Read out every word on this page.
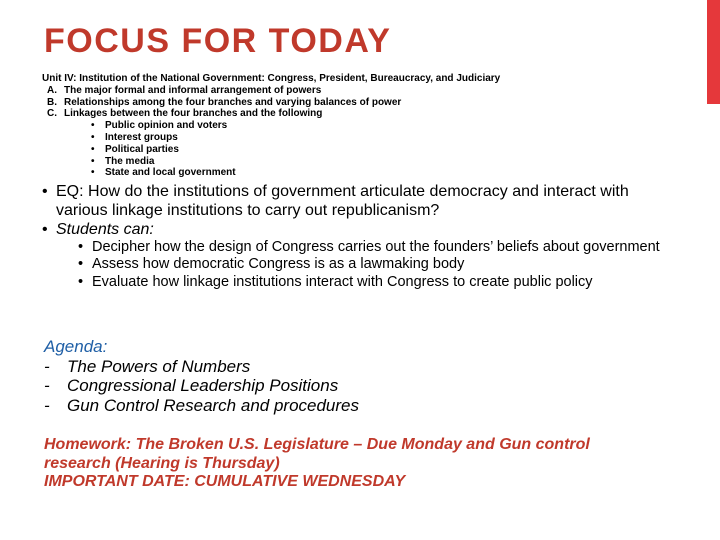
FOCUS FOR TODAY
Unit IV: Institution of the National Government: Congress, President, Bureaucracy, and Judiciary
A. The major formal and informal arrangement of powers
B. Relationships among the four branches and varying balances of power
C. Linkages between the four branches and the following
• Public opinion and voters
• Interest groups
• Political parties
• The media
• State and local government
• EQ: How do the institutions of government articulate democracy and interact with various linkage institutions to carry out republicanism?
• Students can:
• Decipher how the design of Congress carries out the founders’ beliefs about government
• Assess how democratic Congress is as a lawmaking body
• Evaluate how linkage institutions interact with Congress to create public policy
Agenda:
-	The Powers of Numbers
-	Congressional Leadership Positions
-	Gun Control Research and procedures
Homework: The Broken U.S. Legislature – Due Monday and Gun control research (Hearing is Thursday)
IMPORTANT DATE: CUMULATIVE WEDNESDAY
